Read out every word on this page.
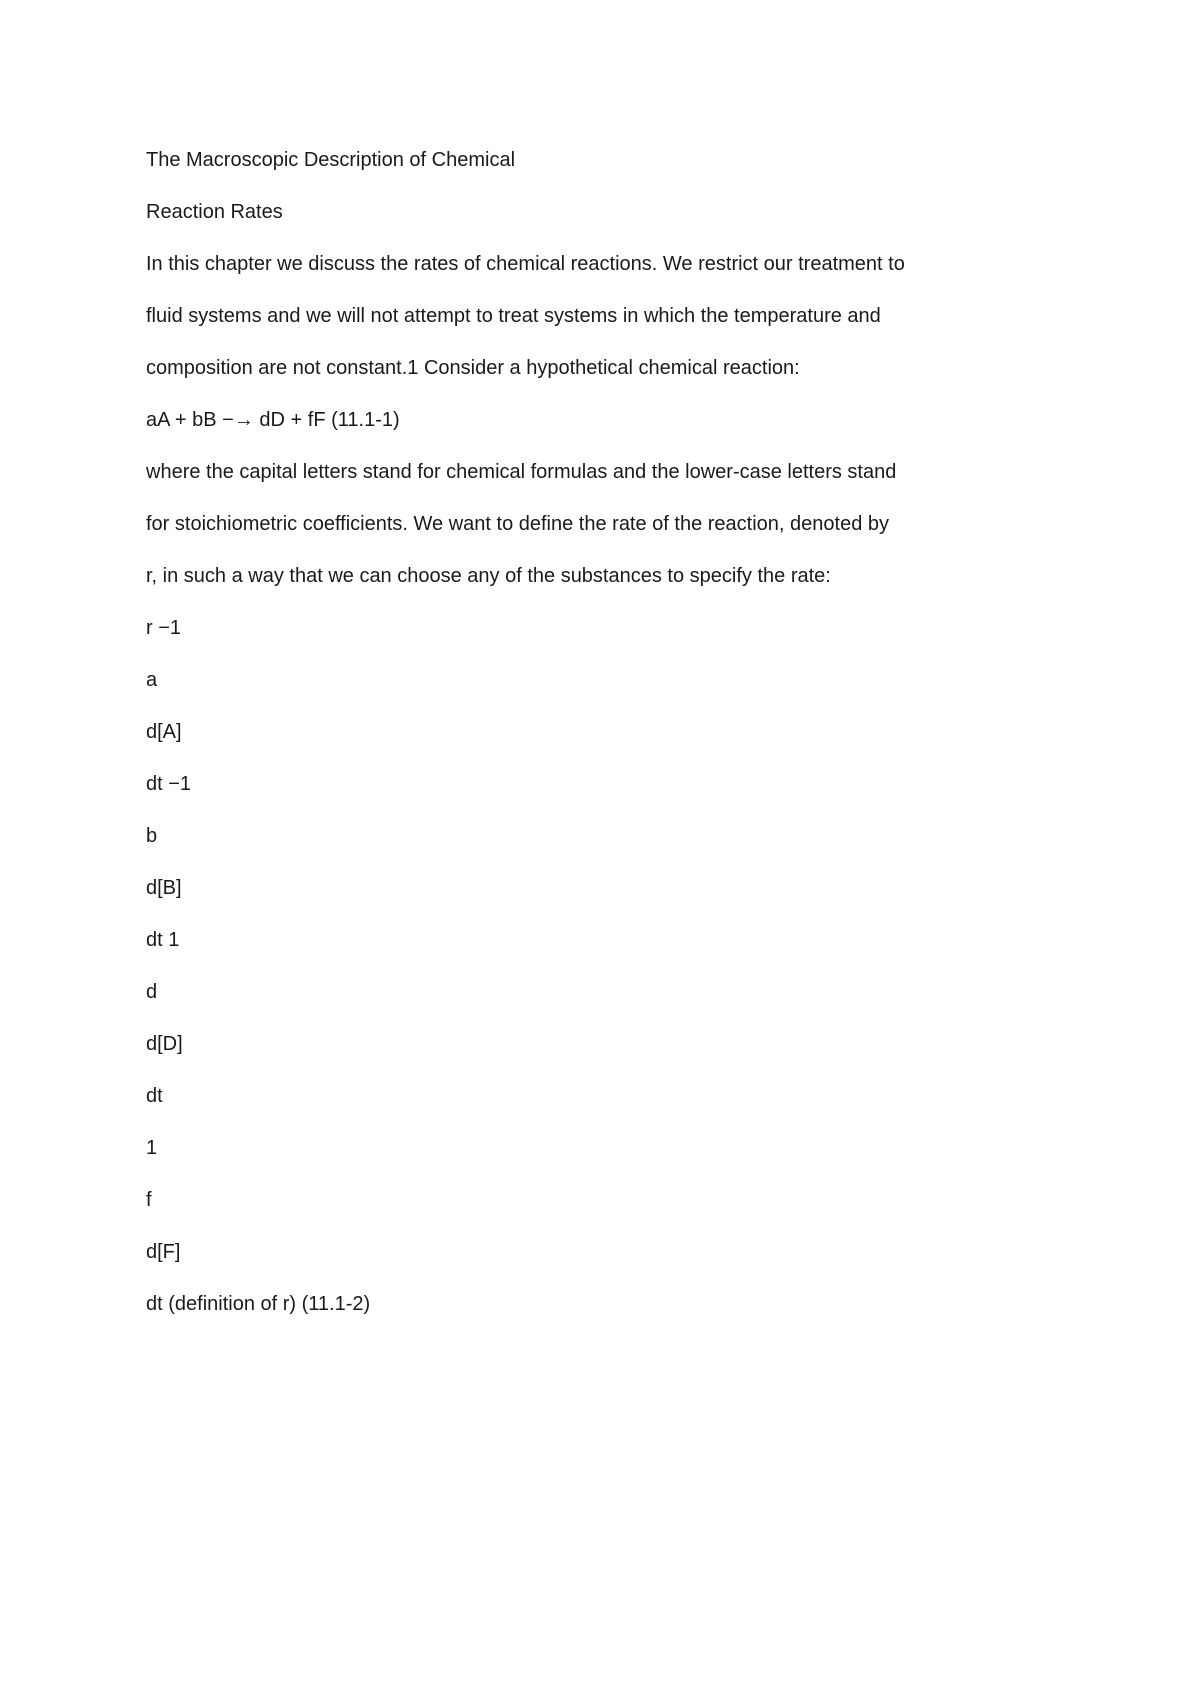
The Macroscopic Description of Chemical

Reaction Rates

In this chapter we discuss the rates of chemical reactions. We restrict our treatment to

fluid systems and we will not attempt to treat systems in which the temperature and

composition are not constant.1 Consider a hypothetical chemical reaction:

aA + bB −→ dD + fF (11.1-1)

where the capital letters stand for chemical formulas and the lower-case letters stand

for stoichiometric coefficients. We want to define the rate of the reaction, denoted by

r, in such a way that we can choose any of the substances to specify the rate:

r −1

a

d[A]

dt −1

b

d[B]

dt 1

d

d[D]

dt

1

f

d[F]

dt (definition of r) (11.1-2)
